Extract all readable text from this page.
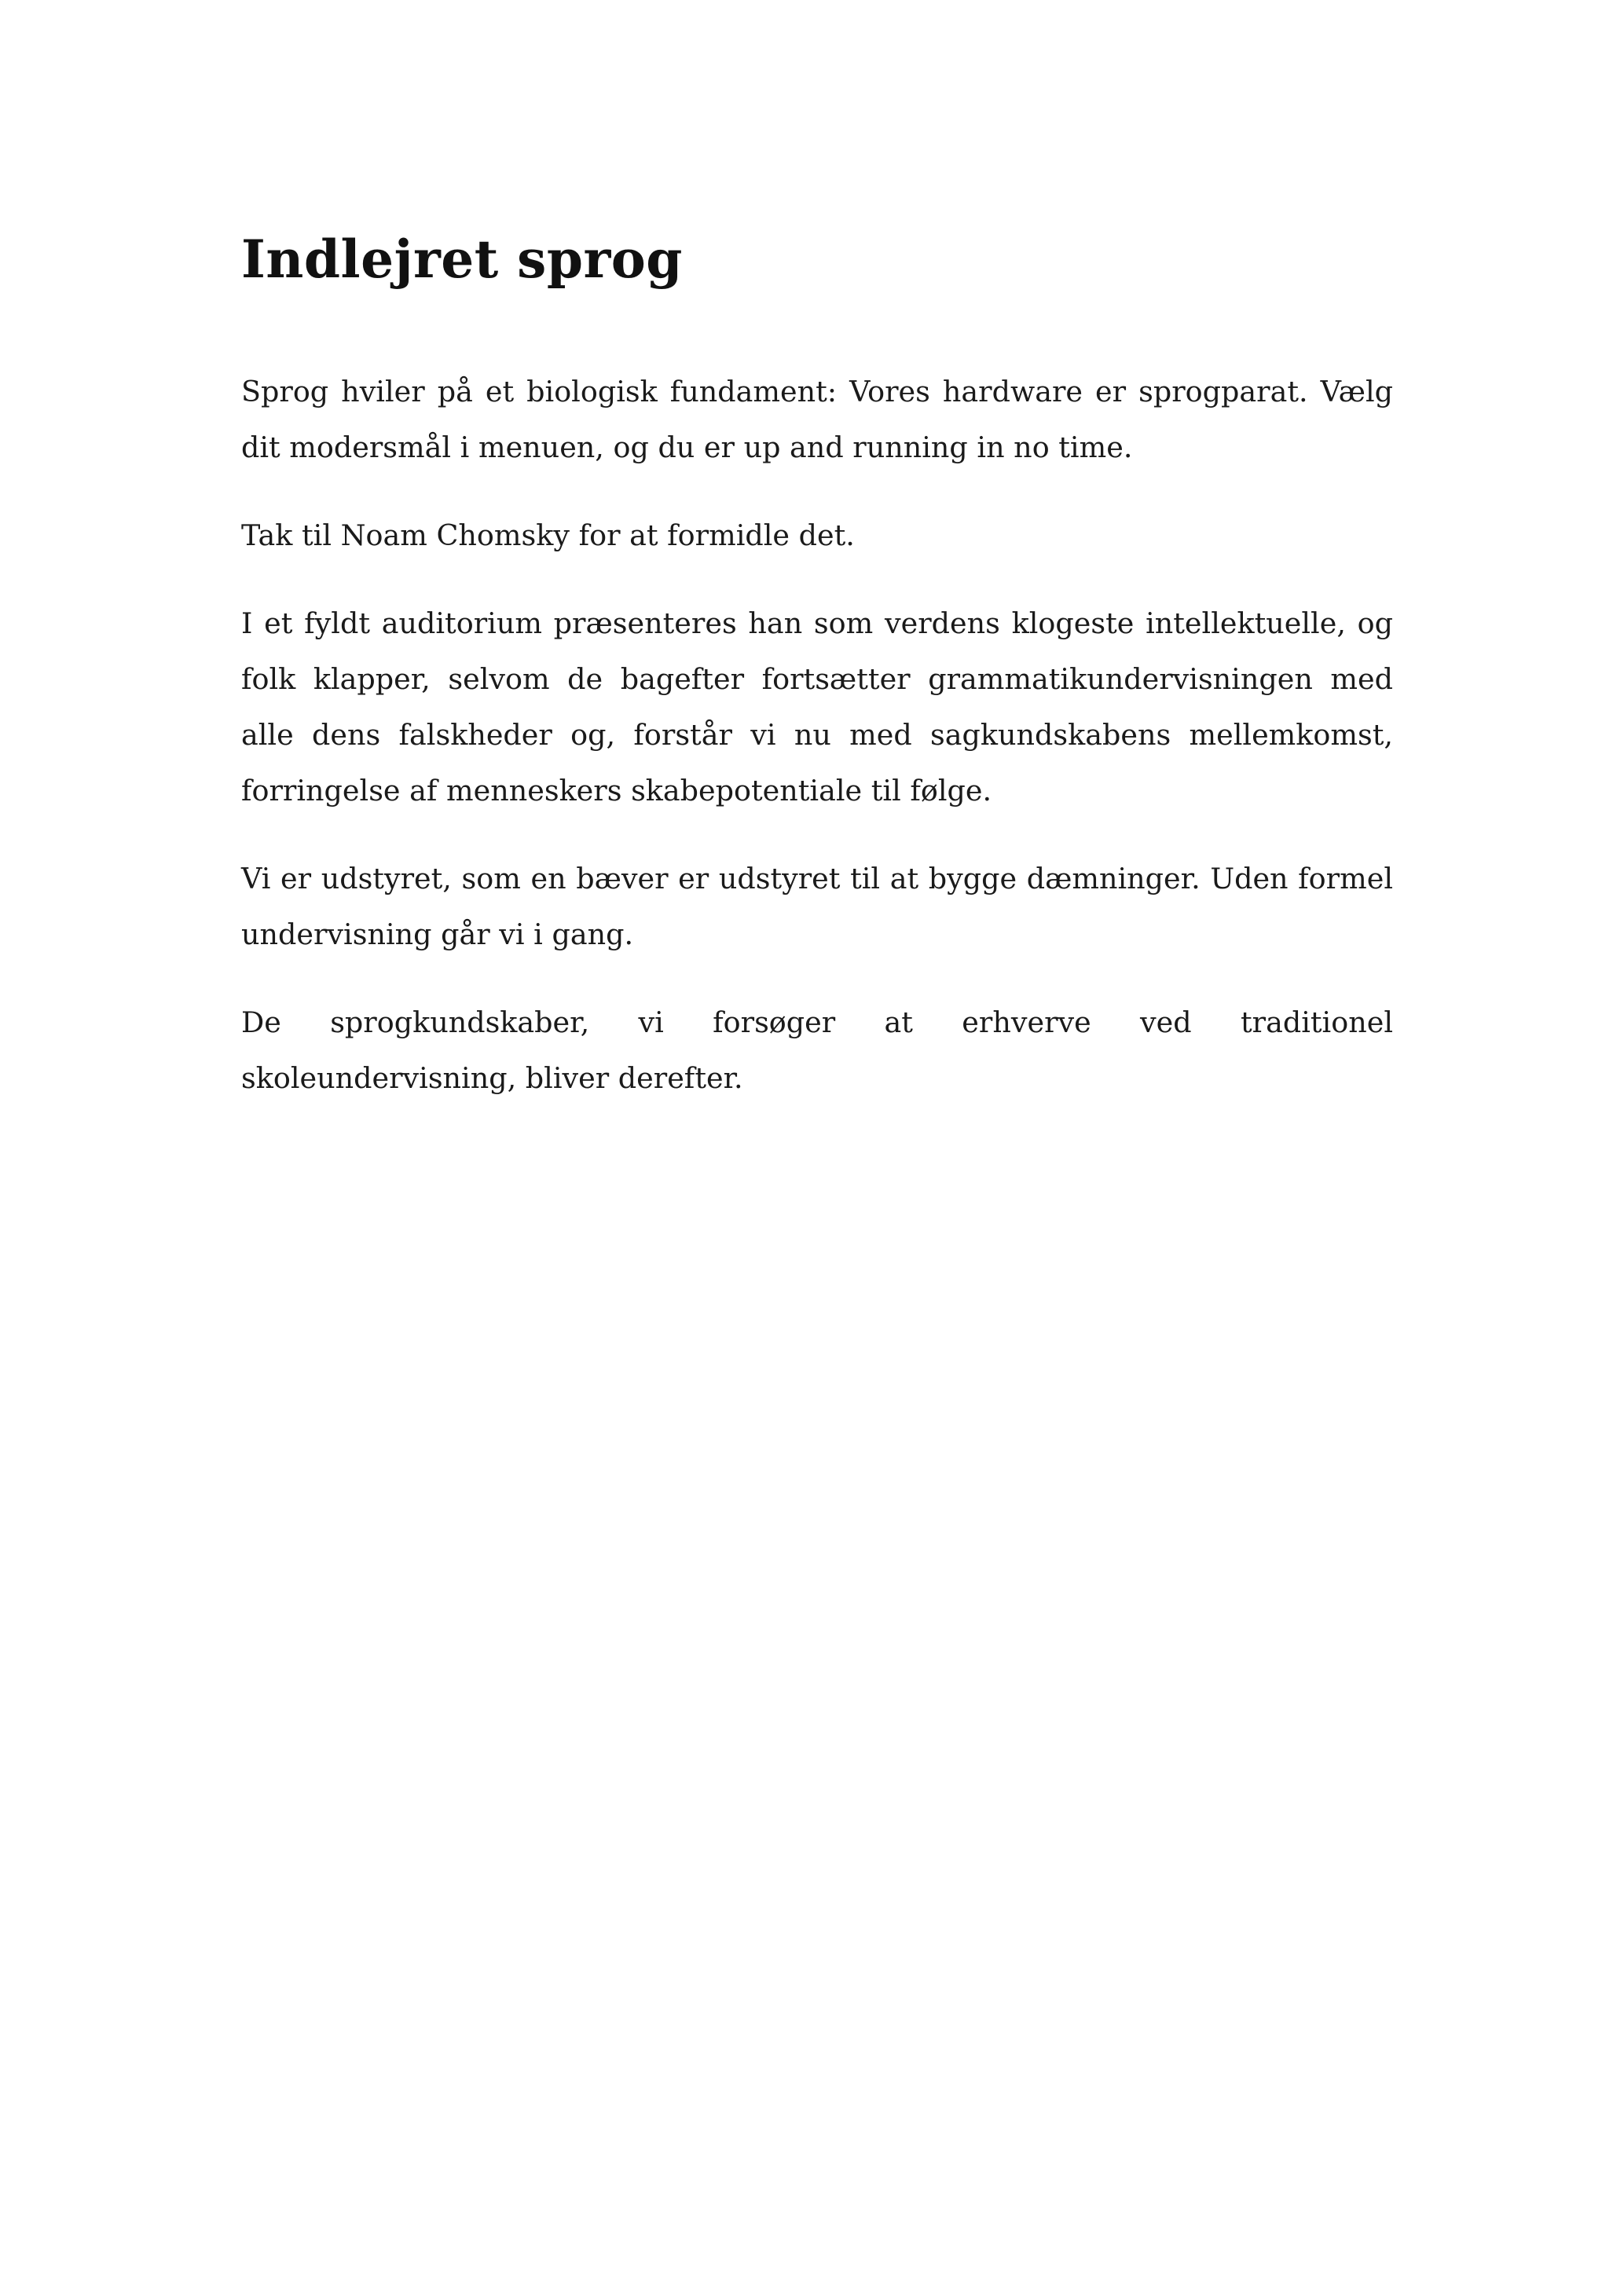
Indlejret sprog

Sprog hviler på et biologisk fundament: Vores hardware er sprogparat. Vælg dit modersmål i menuen, og du er up and running in no time.

Tak til Noam Chomsky for at formidle det.

I et fyldt auditorium præsenteres han som verdens klogeste intellektuelle, og folk klapper, selvom de bagefter fortsætter grammatikundervisningen med alle dens falskheder og, forstår vi nu med sagkundskabens mellemkomst, forringelse af menneskers skabepotentiale til følge.

Vi er udstyret, som en bæver er udstyret til at bygge dæmninger. Uden formel undervisning går vi i gang.

De sprogkundskaber, vi forsøger at erhverve ved traditionel skoleundervisning, bliver derefter.
